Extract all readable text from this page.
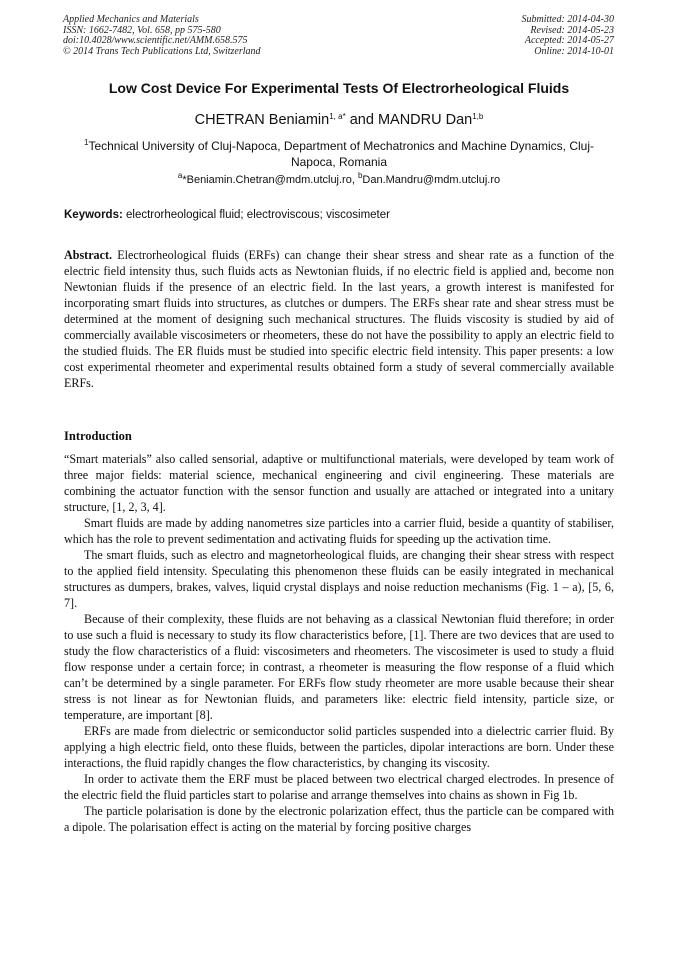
Applied Mechanics and Materials
ISSN: 1662-7482, Vol. 658, pp 575-580
doi:10.4028/www.scientific.net/AMM.658.575
© 2014 Trans Tech Publications Ltd, Switzerland
Submitted: 2014-04-30
Revised: 2014-05-23
Accepted: 2014-05-27
Online: 2014-10-01
Low Cost Device For Experimental Tests Of Electrorheological Fluids
CHETRAN Beniamin$^{1, a*}$ and MANDRU Dan$^{1,b}$
$^1$Technical University of Cluj-Napoca, Department of Mechatronics and Machine Dynamics, Cluj-Napoca, Romania
$^a$*Beniamin.Chetran@mdm.utcluj.ro, $^b$Dan.Mandru@mdm.utcluj.ro
Keywords: electrorheological fluid; electroviscous; viscosimeter
Abstract. Electrorheological fluids (ERFs) can change their shear stress and shear rate as a function of the electric field intensity thus, such fluids acts as Newtonian fluids, if no electric field is applied and, become non Newtonian fluids if the presence of an electric field. In the last years, a growth interest is manifested for incorporating smart fluids into structures, as clutches or dumpers. The ERFs shear rate and shear stress must be determined at the moment of designing such mechanical structures. The fluids viscosity is studied by aid of commercially available viscosimeters or rheometers, these do not have the possibility to apply an electric field to the studied fluids. The ER fluids must be studied into specific electric field intensity. This paper presents: a low cost experimental rheometer and experimental results obtained form a study of several commercially available ERFs.
Introduction

“Smart materials” also called sensorial, adaptive or multifunctional materials, were developed by team work of three major fields: material science, mechanical engineering and civil engineering. These materials are combining the actuator function with the sensor function and usually are attached or integrated into a unitary structure, [1, 2, 3, 4].

Smart fluids are made by adding nanometres size particles into a carrier fluid, beside a quantity of stabiliser, which has the role to prevent sedimentation and activating fluids for speeding up the activation time.

The smart fluids, such as electro and magnetorheological fluids, are changing their shear stress with respect to the applied field intensity. Speculating this phenomenon these fluids can be easily integrated in mechanical structures as dumpers, brakes, valves, liquid crystal displays and noise reduction mechanisms (Fig. 1 – a), [5, 6, 7].

Because of their complexity, these fluids are not behaving as a classical Newtonian fluid therefore; in order to use such a fluid is necessary to study its flow characteristics before, [1]. There are two devices that are used to study the flow characteristics of a fluid: viscosimeters and rheometers. The viscosimeter is used to study a fluid flow response under a certain force; in contrast, a rheometer is measuring the flow response of a fluid which can’t be determined by a single parameter. For ERFs flow study rheometer are more usable because their shear stress is not linear as for Newtonian fluids, and parameters like: electric field intensity, particle size, or temperature, are important [8].

ERFs are made from dielectric or semiconductor solid particles suspended into a dielectric carrier fluid. By applying a high electric field, onto these fluids, between the particles, dipolar interactions are born. Under these interactions, the fluid rapidly changes the flow characteristics, by changing its viscosity.

In order to activate them the ERF must be placed between two electrical charged electrodes. In presence of the electric field the fluid particles start to polarise and arrange themselves into chains as shown in Fig 1b.

The particle polarisation is done by the electronic polarization effect, thus the particle can be compared with a dipole. The polarisation effect is acting on the material by forcing positive charges
